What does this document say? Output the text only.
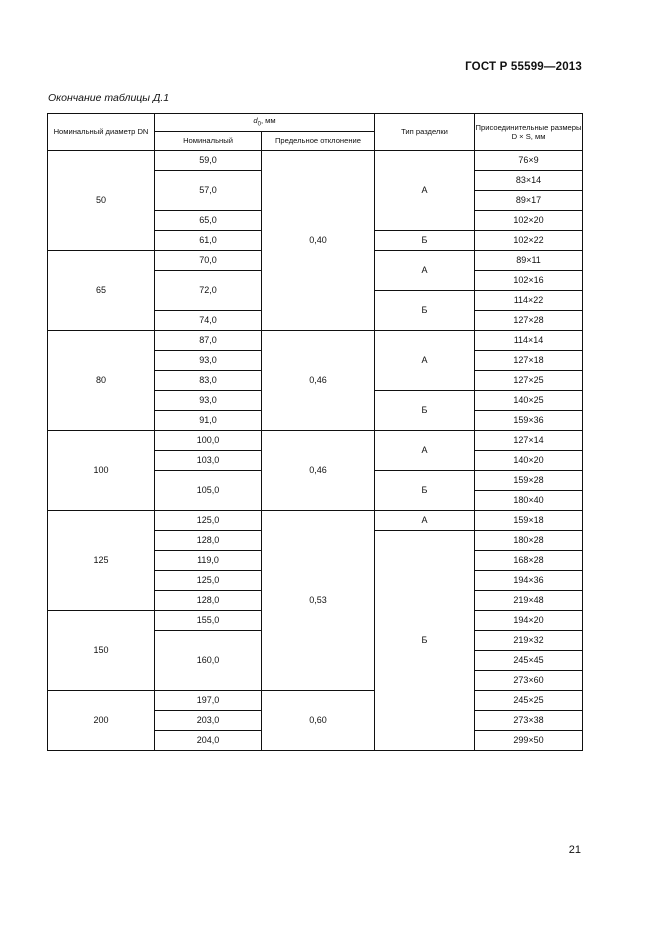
ГОСТ Р 55599—2013
Окончание таблицы Д.1
Номинальный диаметр DN	$d_0$, мм		Тип разделки	Присоединительные размеры D × S, мм
	Номинальный	Предельное отклонение		
50	59,0	0,40	А	76×9
	57,0			83×14
				89×17
	65,0			102×20
	61,0		Б	102×22
65	70,0		А	89×11
	72,0			102×16
			Б	114×22
	74,0			127×28
80	87,0	0,46	А	114×14
	93,0			127×18
	83,0			127×25
	93,0		Б	140×25
	91,0			159×36
100	100,0	0,46	А	127×14
	103,0			140×20
	105,0		Б	159×28
				180×40
125	125,0	0,53	А	159×18
	128,0		Б	180×28
	119,0			168×28
	125,0			194×36
	128,0			219×48
150	155,0			194×20
	160,0			219×32
				245×45
				273×60
200	197,0	0,60		245×25
	203,0			273×38
	204,0			299×50
21
